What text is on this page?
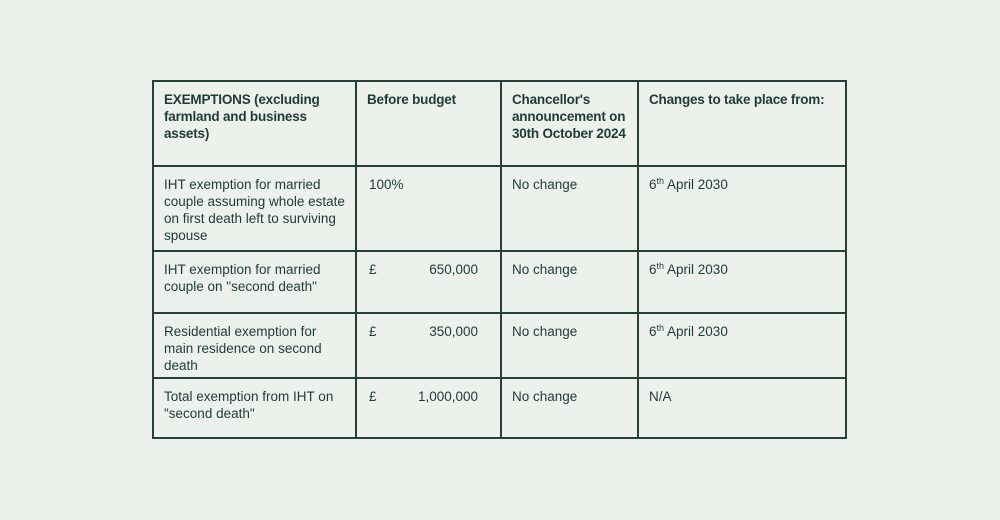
EXEMPTIONS (excluding farmland and business assets)	Before budget	Chancellor's announcement on 30th October 2024	Changes to take place from:
IHT exemption for married couple assuming whole estate on first death left to surviving spouse	100%	No change	6th April 2030
IHT exemption for married couple on "second death"	£ 650,000	No change	6th April 2030
Residential exemption for main residence on second death	£ 350,000	No change	6th April 2030
Total exemption from IHT on "second death"	£ 1,000,000	No change	N/A
